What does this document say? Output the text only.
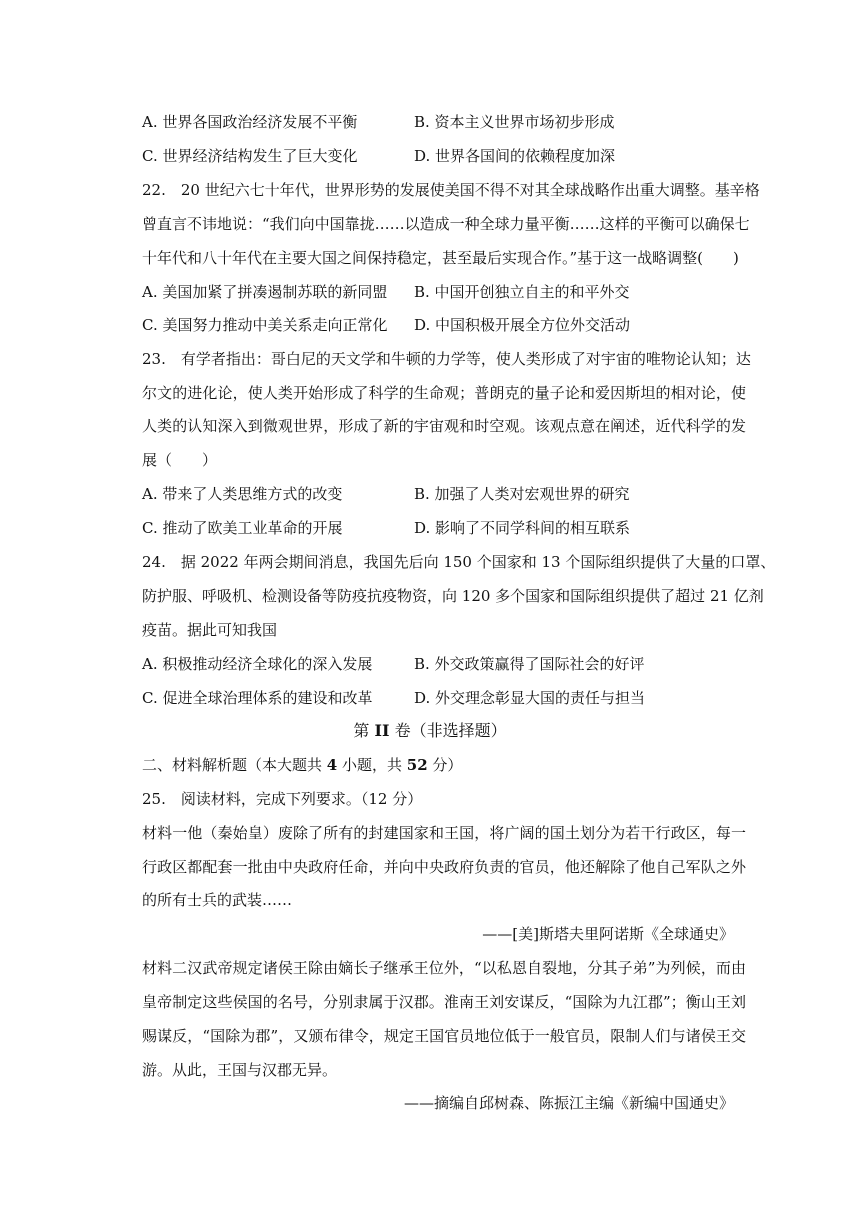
A. 世界各国政治经济发展不平衡	B. 资本主义世界市场初步形成
C. 世界经济结构发生了巨大变化	D. 世界各国间的依赖程度加深
22.　20 世纪六七十年代，世界形势的发展使美国不得不对其全球战略作出重大调整。基辛格
曾直言不讳地说：“我们向中国靠拢……以造成一种全球力量平衡……这样的平衡可以确保七
十年代和八十年代在主要大国之间保持稳定，甚至最后实现合作。”基于这一战略调整(　　)
A. 美国加紧了拼凑遏制苏联的新同盟 B. 中国开创独立自主的和平外交
C. 美国努力推动中美关系走向正常化 D. 中国积极开展全方位外交活动
23.　有学者指出：哥白尼的天文学和牛顿的力学等，使人类形成了对宇宙的唯物论认知；达
尔文的进化论，使人类开始形成了科学的生命观；普朗克的量子论和爱因斯坦的相对论，使
人类的认知深入到微观世界，形成了新的宇宙观和时空观。该观点意在阐述，近代科学的发
展（　　）
A. 带来了人类思维方式的改变	B. 加强了人类对宏观世界的研究
C. 推动了欧美工业革命的开展	D. 影响了不同学科间的相互联系
24.　据 2022 年两会期间消息，我国先后向 150 个国家和 13 个国际组织提供了大量的口罩、
防护服、呼吸机、检测设备等防疫抗疫物资，向 120 多个国家和国际组织提供了超过 21 亿剂
疫苗。据此可知我国
A. 积极推动经济全球化的深入发展	B. 外交政策赢得了国际社会的好评
C. 促进全球治理体系的建设和改革	D. 外交理念彰显大国的责任与担当
第 II 卷（非选择题）
二、材料解析题（本大题共 4 小题，共 52 分）
25.　阅读材料，完成下列要求。（12 分）
材料一他（秦始皇）废除了所有的封建国家和王国，将广阔的国土划分为若干行政区，每一
行政区都配套一批由中央政府任命，并向中央政府负责的官员，他还解除了他自己军队之外
的所有士兵的武装……
——[美]斯塔夫里阿诺斯《全球通史》
材料二汉武帝规定诸侯王除由嫡长子继承王位外，“以私恩自裂地，分其子弟”为列候，而由
皇帝制定这些侯国的名号，分别隶属于汉郡。淮南王刘安谋反，“国除为九江郡”；衡山王刘
赐谋反，“国除为郡”，又颁布律令，规定王国官员地位低于一般官员，限制人们与诸侯王交
游。从此，王国与汉郡无异。
——摘编自邱树森、陈振江主编《新编中国通史》
